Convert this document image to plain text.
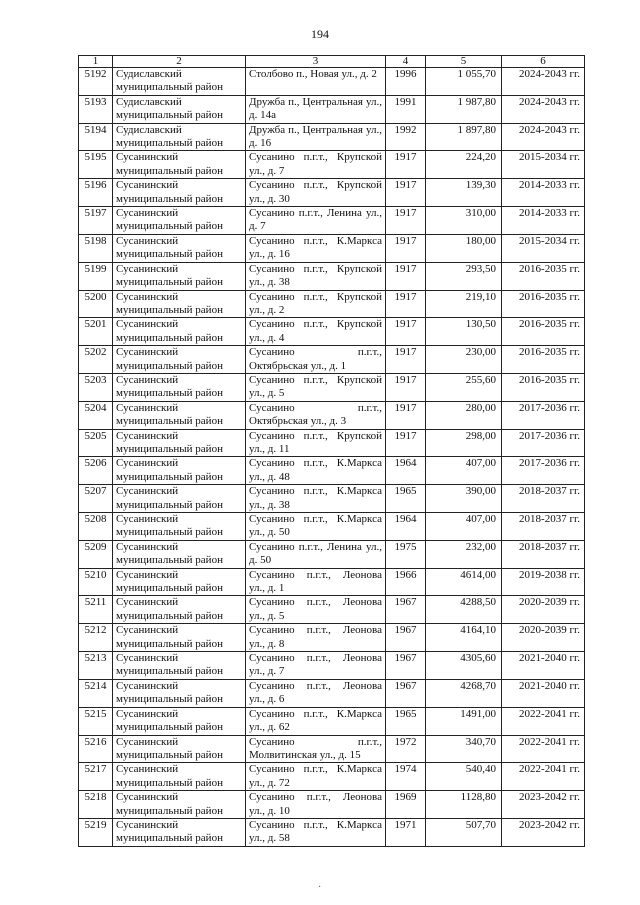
194
1	2	3	4	5	6
5192	Судиславский муниципальный район	Столбово п., Новая ул., д. 2	1996	1 055,70	2024-2043 гг.
5193	Судиславский муниципальный район	Дружба п., Центральная ул., д. 14а	1991	1 987,80	2024-2043 гг.
5194	Судиславский муниципальный район	Дружба п., Центральная ул., д. 16	1992	1 897,80	2024-2043 гг.
5195	Сусанинский муниципальный район	Сусанино п.г.т., Крупской ул., д. 7	1917	224,20	2015-2034 гг.
5196	Сусанинский муниципальный район	Сусанино п.г.т., Крупской ул., д. 30	1917	139,30	2014-2033 гг.
5197	Сусанинский муниципальный район	Сусанино п.г.т., Ленина ул., д. 7	1917	310,00	2014-2033 гг.
5198	Сусанинский муниципальный район	Сусанино п.г.т., К.Маркса ул., д. 16	1917	180,00	2015-2034 гг.
5199	Сусанинский муниципальный район	Сусанино п.г.т., Крупской ул., д. 38	1917	293,50	2016-2035 гг.
5200	Сусанинский муниципальный район	Сусанино п.г.т., Крупской ул., д. 2	1917	219,10	2016-2035 гг.
5201	Сусанинский муниципальный район	Сусанино п.г.т., Крупской ул., д. 4	1917	130,50	2016-2035 гг.
5202	Сусанинский муниципальный район	Сусанино п.г.т., Октябрьская ул., д. 1	1917	230,00	2016-2035 гг.
5203	Сусанинский муниципальный район	Сусанино п.г.т., Крупской ул., д. 5	1917	255,60	2016-2035 гг.
5204	Сусанинский муниципальный район	Сусанино п.г.т., Октябрьская ул., д. 3	1917	280,00	2017-2036 гг.
5205	Сусанинский муниципальный район	Сусанино п.г.т., Крупской ул., д. 11	1917	298,00	2017-2036 гг.
5206	Сусанинский муниципальный район	Сусанино п.г.т., К.Маркса ул., д. 48	1964	407,00	2017-2036 гг.
5207	Сусанинский муниципальный район	Сусанино п.г.т., К.Маркса ул., д. 38	1965	390,00	2018-2037 гг.
5208	Сусанинский муниципальный район	Сусанино п.г.т., К.Маркса ул., д. 50	1964	407,00	2018-2037 гг.
5209	Сусанинский муниципальный район	Сусанино п.г.т., Ленина ул., д. 50	1975	232,00	2018-2037 гг.
5210	Сусанинский муниципальный район	Сусанино п.г.т., Леонова ул., д. 1	1966	4614,00	2019-2038 гг.
5211	Сусанинский муниципальный район	Сусанино п.г.т., Леонова ул., д. 5	1967	4288,50	2020-2039 гг.
5212	Сусанинский муниципальный район	Сусанино п.г.т., Леонова ул., д. 8	1967	4164,10	2020-2039 гг.
5213	Сусанинский муниципальный район	Сусанино п.г.т., Леонова ул., д. 7	1967	4305,60	2021-2040 гг.
5214	Сусанинский муниципальный район	Сусанино п.г.т., Леонова ул., д. 6	1967	4268,70	2021-2040 гг.
5215	Сусанинский муниципальный район	Сусанино п.г.т., К.Маркса ул., д. 62	1965	1491,00	2022-2041 гг.
5216	Сусанинский муниципальный район	Сусанино п.г.т., Молвитинская ул., д. 15	1972	340,70	2022-2041 гг.
5217	Сусанинский муниципальный район	Сусанино п.г.т., К.Маркса ул., д. 72	1974	540,40	2022-2041 гг.
5218	Сусанинский муниципальный район	Сусанино п.г.т., Леонова ул., д. 10	1969	1128,80	2023-2042 гг.
5219	Сусанинский муниципальный район	Сусанино п.г.т., К.Маркса ул., д. 58	1971	507,70	2023-2042 гг.
·
